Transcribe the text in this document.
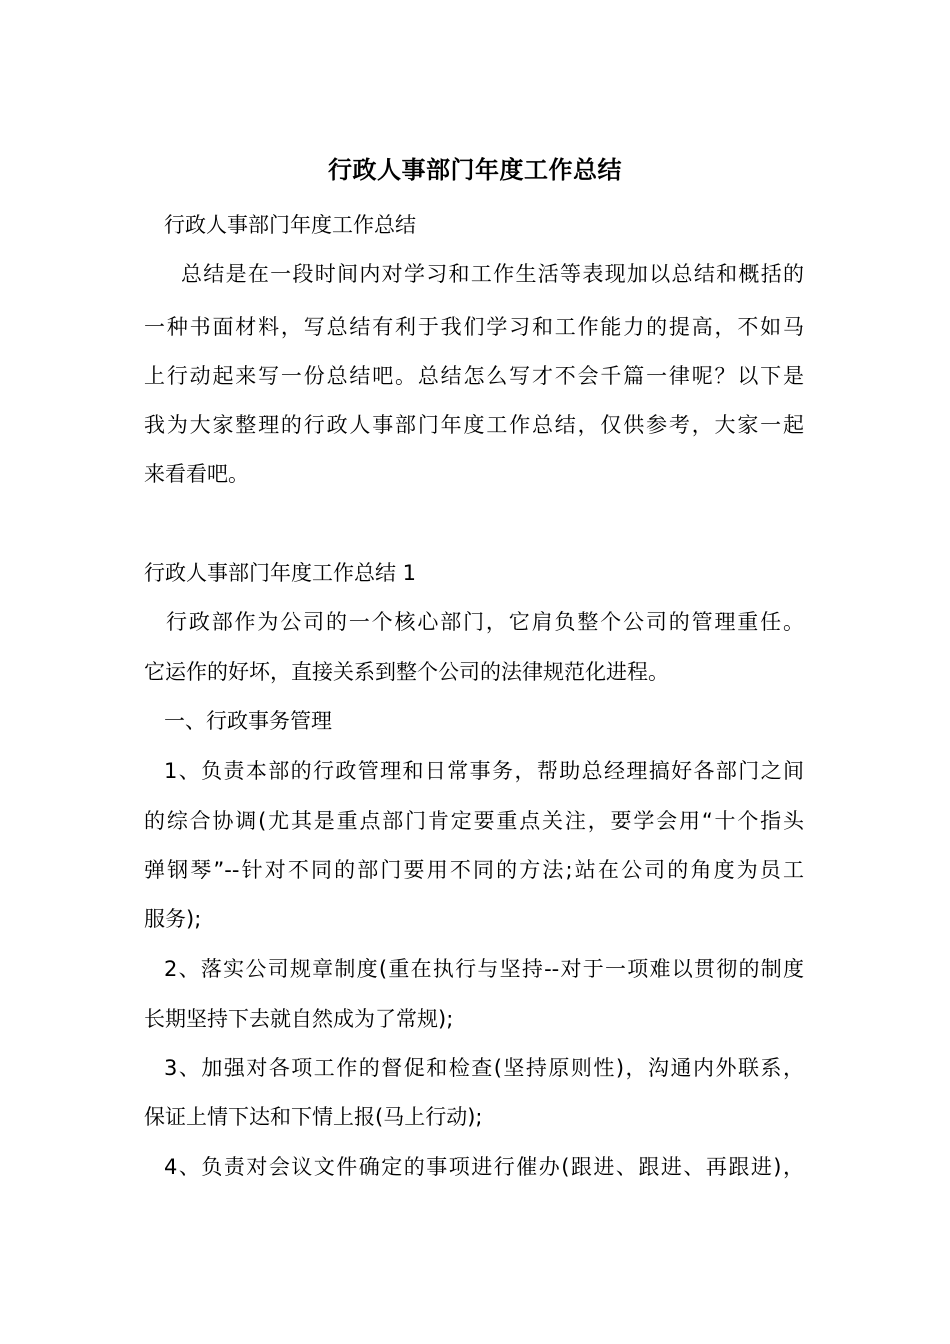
行政人事部门年度工作总结
行政人事部门年度工作总结
总结是在一段时间内对学习和工作生活等表现加以总结和概括的
一种书面材料，写总结有利于我们学习和工作能力的提高，不如马
上行动起来写一份总结吧。总结怎么写才不会千篇一律呢？以下是
我为大家整理的行政人事部门年度工作总结，仅供参考，大家一起
来看看吧。
行政人事部门年度工作总结 1
行政部作为公司的一个核心部门，它肩负整个公司的管理重任。
它运作的好坏，直接关系到整个公司的法律规范化进程。
一、行政事务管理
1、负责本部的行政管理和日常事务，帮助总经理搞好各部门之间
的综合协调(尤其是重点部门肯定要重点关注，要学会用“十个指头
弹钢琴”--针对不同的部门要用不同的方法;站在公司的角度为员工
服务);
2、落实公司规章制度(重在执行与坚持--对于一项难以贯彻的制度
长期坚持下去就自然成为了常规);
3、加强对各项工作的督促和检查(坚持原则性)，沟通内外联系，
保证上情下达和下情上报(马上行动);
4、负责对会议文件确定的事项进行催办(跟进、跟进、再跟进)，
